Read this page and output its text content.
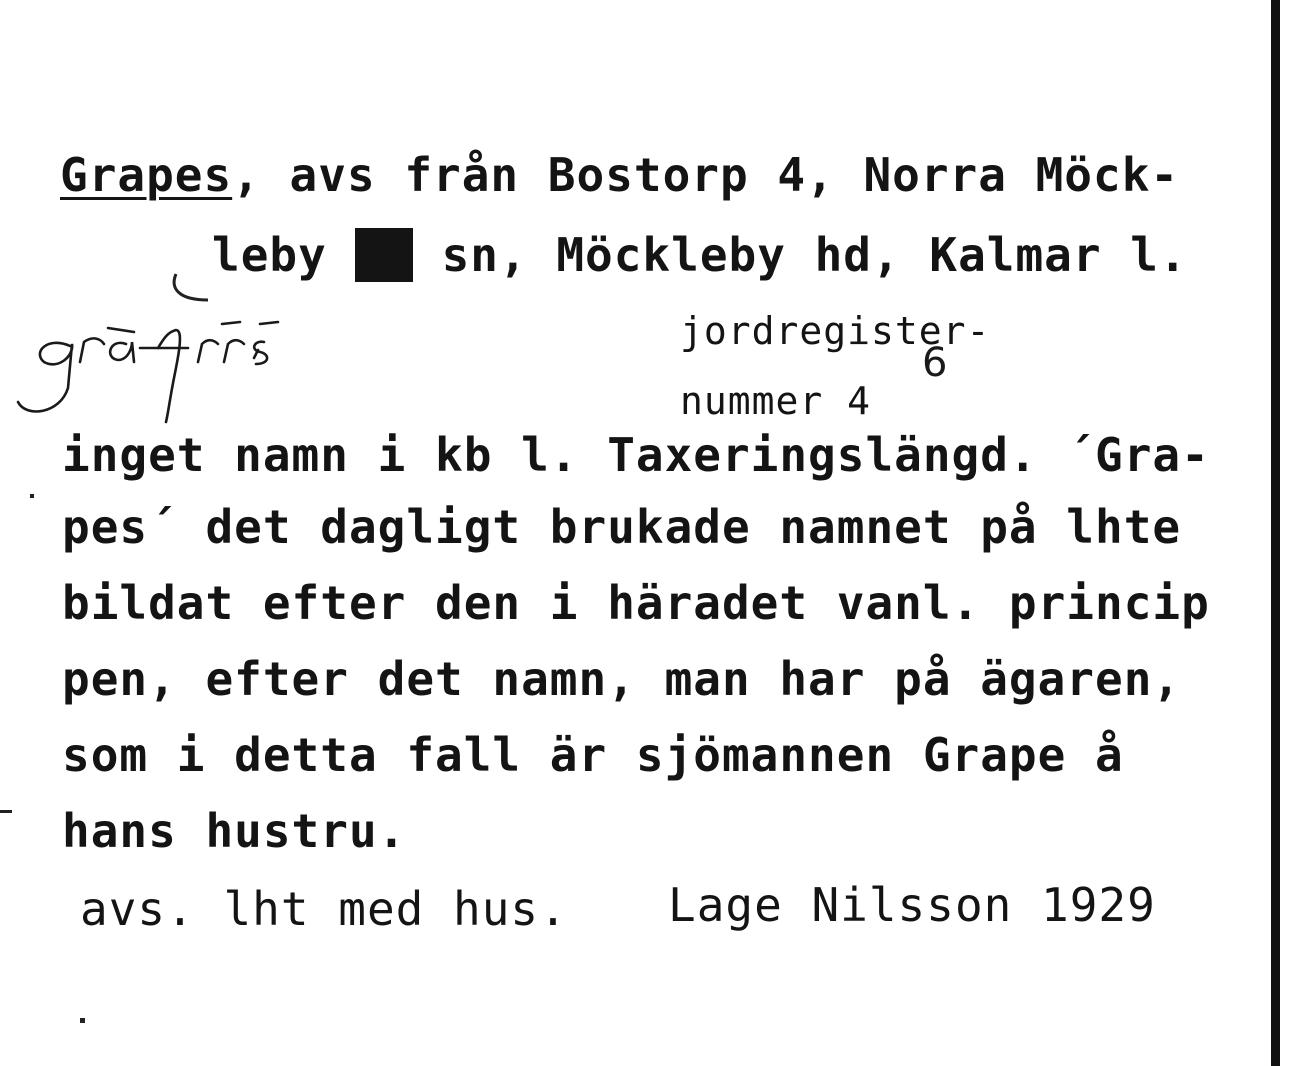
Grapes, avs från Bostorp 4, Norra Möck-
leby hd sn, Möckleby hd, Kalmar l.
jordregister-
nummer 4
6
inget namn i kb l. Taxeringslängd. ´Gra-
pes´ det dagligt brukade namnet på lhte
bildat efter den i häradet vanl. princip
pen, efter det namn, man har på ägaren,
som i detta fall är sjömannen Grape å
hans hustru.
avs. lht med hus. Lage Nilsson 1929
